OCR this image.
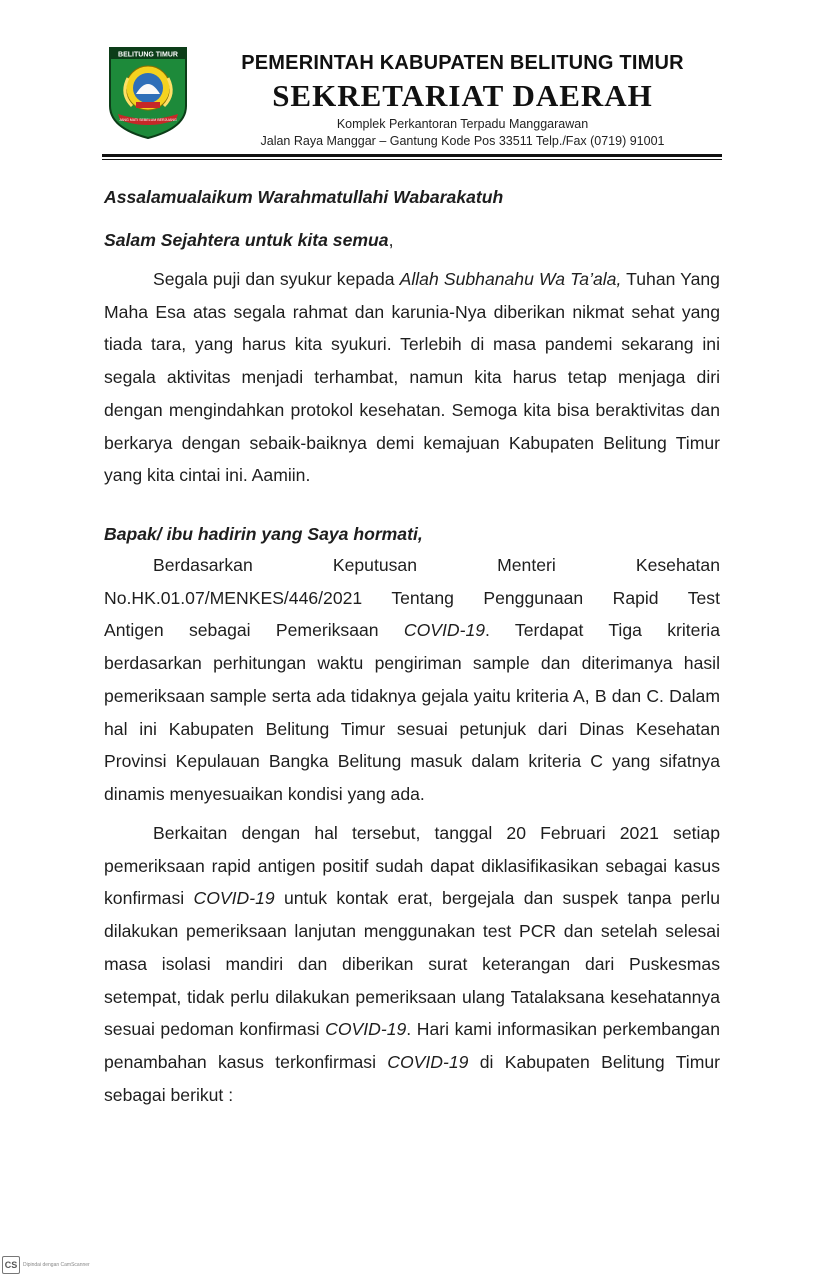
BELITUNG TIMUR
JANG MATI SEBELUM BERJUANG
PEMERINTAH KABUPATEN BELITUNG TIMUR
SEKRETARIAT DAERAH
Komplek Perkantoran Terpadu Manggarawan
Jalan Raya Manggar – Gantung Kode Pos 33511 Telp./Fax (0719) 91001
Assalamualaikum Warahmatullahi Wabarakatuh
Salam Sejahtera untuk kita semua,
Segala puji dan syukur kepada Allah Subhanahu Wa Ta’ala, Tuhan Yang Maha Esa atas segala rahmat dan karunia-Nya diberikan nikmat sehat yang tiada tara, yang harus kita syukuri. Terlebih di masa pandemi sekarang ini segala aktivitas menjadi terhambat, namun kita harus tetap menjaga diri dengan mengindahkan protokol kesehatan. Semoga kita bisa beraktivitas dan berkarya dengan sebaik-baiknya demi kemajuan Kabupaten Belitung Timur yang kita cintai ini. Aamiin.
Bapak/ ibu hadirin yang Saya hormati,
Berdasarkan Keputusan Menteri Kesehatan
No.HK.01.07/MENKES/446/2021 Tentang Penggunaan Rapid Test
Antigen sebagai Pemeriksaan COVID-19. Terdapat Tiga kriteria
berdasarkan perhitungan waktu pengiriman sample dan diterimanya hasil pemeriksaan sample serta ada tidaknya gejala yaitu kriteria A, B dan C. Dalam hal ini Kabupaten Belitung Timur sesuai petunjuk dari Dinas Kesehatan Provinsi Kepulauan Bangka Belitung masuk dalam kriteria C yang sifatnya dinamis menyesuaikan kondisi yang ada.
Berkaitan dengan hal tersebut, tanggal 20 Februari 2021 setiap pemeriksaan rapid antigen positif sudah dapat diklasifikasikan sebagai kasus konfirmasi COVID-19 untuk kontak erat, bergejala dan suspek tanpa perlu dilakukan pemeriksaan lanjutan menggunakan test PCR dan setelah selesai masa isolasi mandiri dan diberikan surat keterangan dari Puskesmas setempat, tidak perlu dilakukan pemeriksaan ulang Tatalaksana kesehatannya sesuai pedoman konfirmasi COVID-19. Hari kami informasikan perkembangan penambahan kasus terkonfirmasi COVID-19 di Kabupaten Belitung Timur sebagai berikut :
CS	Dipindai dengan CamScanner
